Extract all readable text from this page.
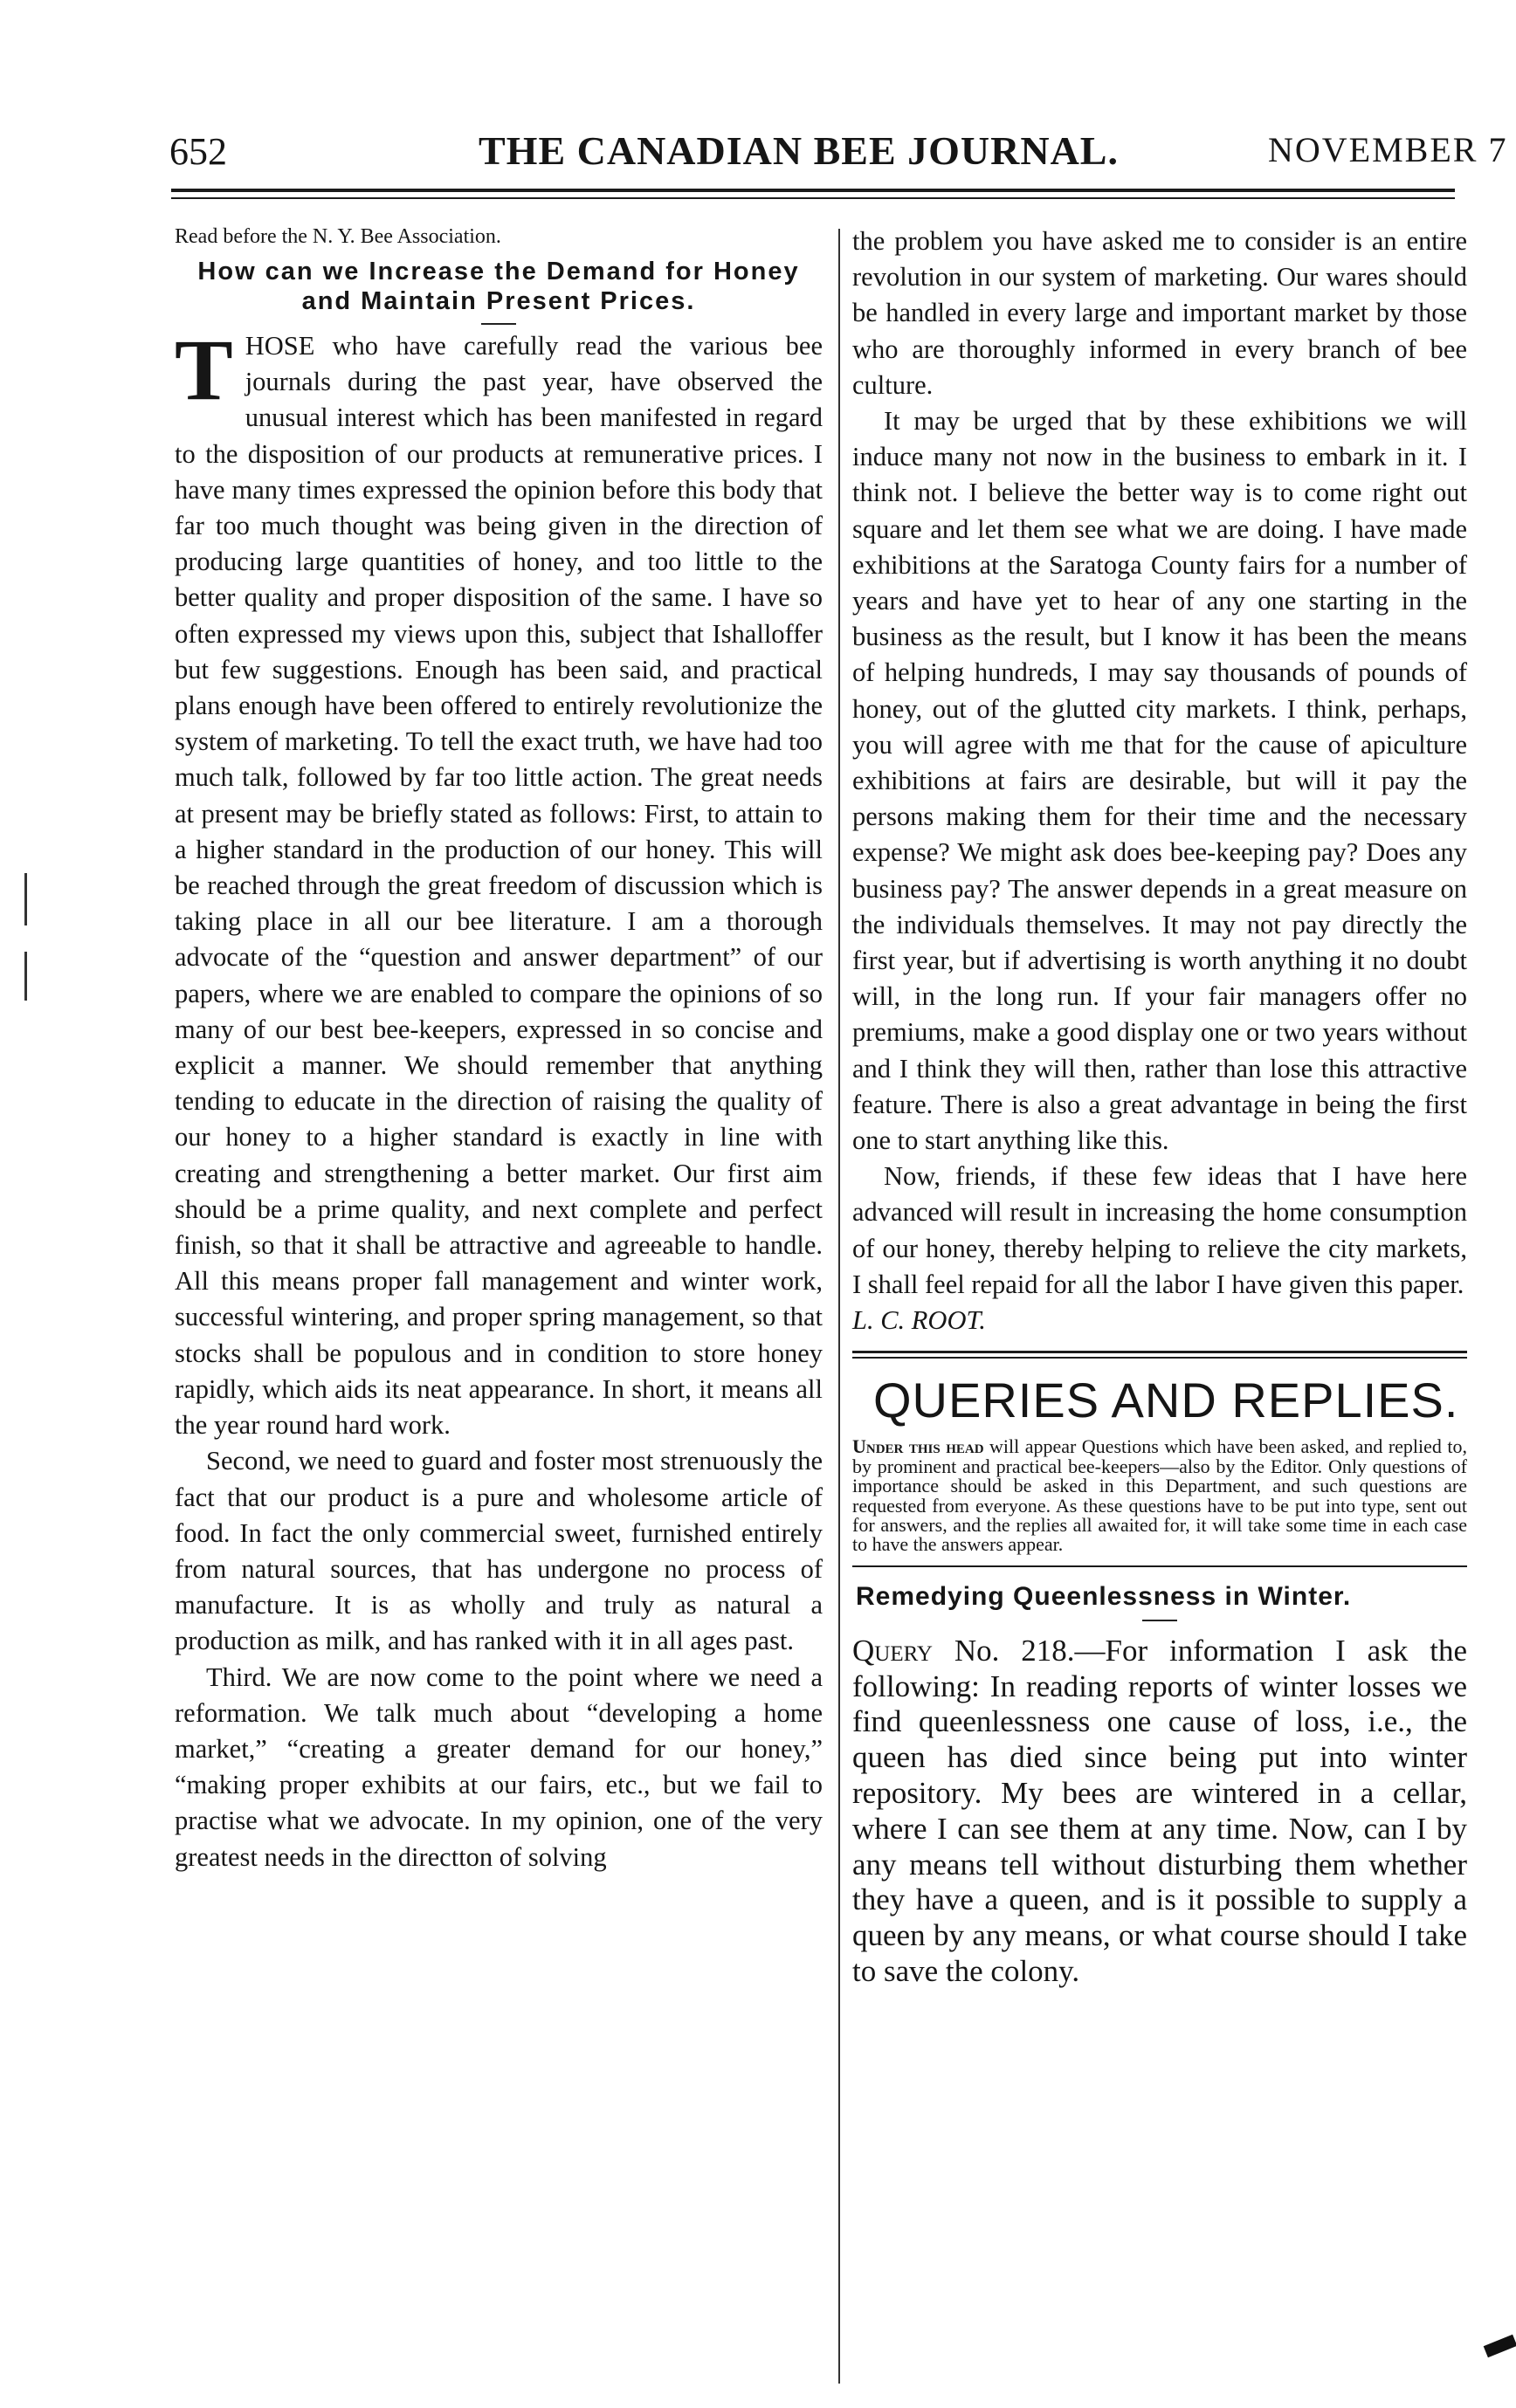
652	THE CANADIAN BEE JOURNAL.	NOVEMBER 7

Read before the N. Y. Bee Association.

How can we Increase the Demand for Honey and Maintain Present Prices.
T HOSE who have carefully read the various bee journals during the past year, have observed the unusual interest which has been manifested in regard to the disposition of our products at remunerative prices. I have many times expressed the opinion before this body that far too much thought was being given in the direction of producing large quantities of honey, and too little to the better quality and proper disposition of the same. I have so often expressed my views upon this, subject that Ishalloffer but few suggestions. Enough has been said, and practical plans enough have been offered to entirely revolutionize the system of marketing. To tell the exact truth, we have had too much talk, followed by far too little action. The great needs at present may be briefly stated as follows: First, to attain to a higher standard in the production of our honey. This will be reached through the great freedom of discussion which is taking place in all our bee literature. I am a thorough advocate of the “question and answer department” of our papers, where we are enabled to compare the opinions of so many of our best bee-keepers, expressed in so concise and explicit a manner. We should remember that anything tending to educate in the direction of raising the quality of our honey to a higher standard is exactly in line with creating and strengthening a better market. Our first aim should be a prime quality, and next complete and perfect finish, so that it shall be attractive and agreeable to handle. All this means proper fall management and winter work, successful wintering, and proper spring management, so that stocks shall be populous and in condition to store honey rapidly, which aids its neat appearance. In short, it means all the year round hard work.

Second, we need to guard and foster most strenuously the fact that our product is a pure and wholesome article of food. In fact the only commercial sweet, furnished entirely from natural sources, that has undergone no process of manufacture. It is as wholly and truly as natural a production as milk, and has ranked with it in all ages past.

Third. We are now come to the point where we need a reformation. We talk much about “developing a home market,” “creating a greater demand for our honey,” “making proper exhibits at our fairs, etc., but we fail to practise what we advocate. In my opinion, one of the very greatest needs in the directton of solving

the problem you have asked me to consider is an entire revolution in our system of marketing. Our wares should be handled in every large and important market by those who are thoroughly informed in every branch of bee culture.

It may be urged that by these exhibitions we will induce many not now in the business to embark in it. I think not. I believe the better way is to come right out square and let them see what we are doing. I have made exhibitions at the Saratoga County fairs for a number of years and have yet to hear of any one starting in the business as the result, but I know it has been the means of helping hundreds, I may say thousands of pounds of honey, out of the glutted city markets. I think, perhaps, you will agree with me that for the cause of apiculture exhibitions at fairs are desirable, but will it pay the persons making them for their time and the necessary expense? We might ask does bee-keeping pay? Does any business pay? The answer depends in a great measure on the individuals themselves. It may not pay directly the first year, but if advertising is worth anything it no doubt will, in the long run. If your fair managers offer no premiums, make a good display one or two years without and I think they will then, rather than lose this attractive feature. There is also a great advantage in being the first one to start anything like this.

Now, friends, if these few ideas that I have here advanced will result in increasing the home consumption of our honey, thereby helping to relieve the city markets, I shall feel repaid for all the labor I have given this paper.

L. C. ROOT.

QUERIES AND REPLIES.

Under this head will appear Questions which have been asked, and replied to, by prominent and practical bee-keepers—also by the Editor. Only questions of importance should be asked in this Department, and such questions are requested from everyone. As these questions have to be put into type, sent out for answers, and the replies all awaited for, it will take some time in each case to have the answers appear.

Remedying Queenlessness in Winter.

Query No. 218.—For information I ask the following: In reading reports of winter losses we find queenlessness one cause of loss, i.e., the queen has died since being put into winter repository. My bees are wintered in a cellar, where I can see them at any time. Now, can I by any means tell without disturbing them whether they have a queen, and is it possible to supply a queen by any means, or what course should I take to save the colony.
